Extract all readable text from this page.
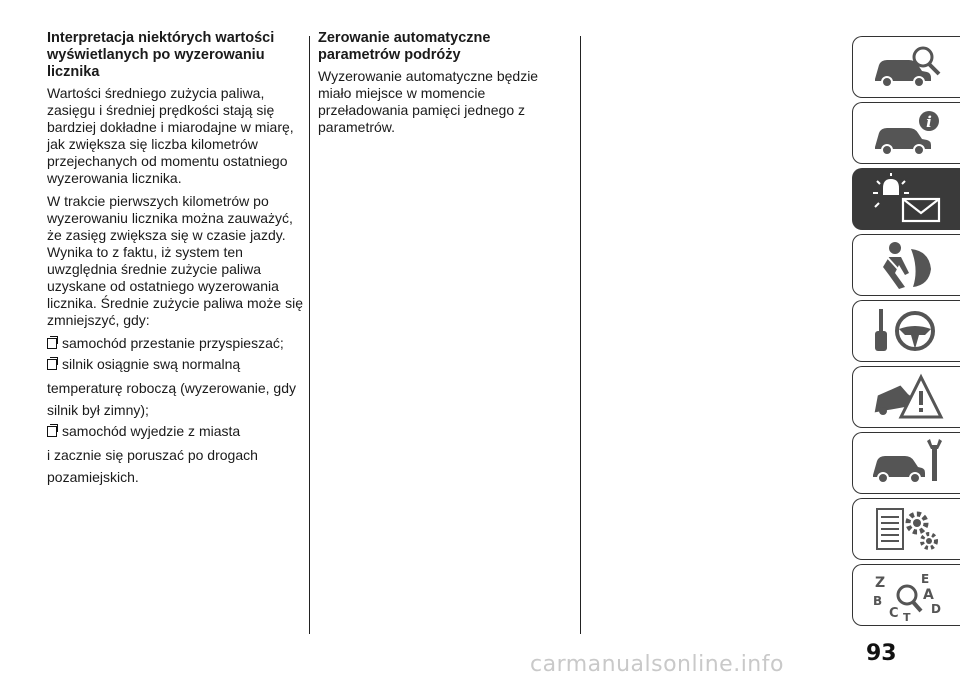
Interpretacja niektórych wartości wyświetlanych po wyzerowaniu licznika

Wartości średniego zużycia paliwa, zasięgu i średniej prędkości stają się bardziej dokładne i miarodajne w miarę, jak zwiększa się liczba kilometrów przejechanych od momentu ostatniego wyzerowania licznika.

W trakcie pierwszych kilometrów po wyzerowaniu licznika można zauważyć, że zasięg zwiększa się w czasie jazdy. Wynika to z faktu, iż system ten uwzględnia średnie zużycie paliwa uzyskane od ostatniego wyzerowania licznika. Średnie zużycie paliwa może się zmniejszyć, gdy:

samochód przestanie przyspieszać;
silnik osiągnie swą normalną

temperaturę roboczą (wyzerowanie, gdy silnik był zimny);

samochód wyjedzie z miasta

i zacznie się poruszać po drogach pozamiejskich.

Zerowanie automatyczne parametrów podróży

Wyzerowanie automatyczne będzie miało miejsce w momencie przeładowania pamięci jednego z parametrów.	i
Z	E
A
B
C	D
T
93
carmanualsonline.info
